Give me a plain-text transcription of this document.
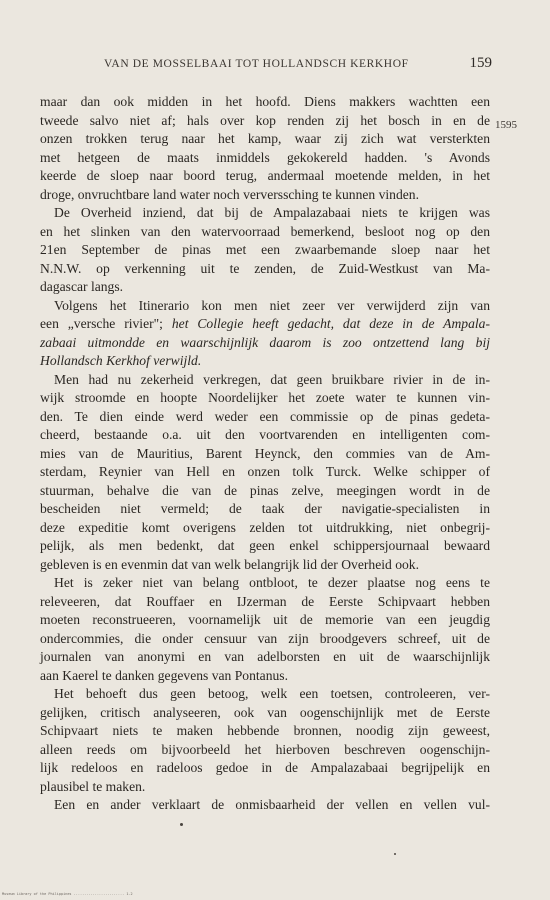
VAN DE MOSSELBAAI TOT HOLLANDSCH KERKHOF	159
1595
maar dan ook midden in het hoofd. Diens makkers wachtten een
tweede salvo niet af; hals over kop renden zij het bosch in en de
onzen trokken terug naar het kamp, waar zij zich wat versterkten
met hetgeen de maats inmiddels gekokereld hadden. 's Avonds
keerde de sloep naar boord terug, andermaal moetende melden, in het
droge, onvruchtbare land water noch ververssching te kunnen vinden.
De Overheid inziend, dat bij de Ampalazabaai niets te krijgen was
en het slinken van den watervoorraad bemerkend, besloot nog op den
21en September de pinas met een zwaarbemande sloep naar het
N.N.W. op verkenning uit te zenden, de Zuid-Westkust van Ma-
dagascar langs.
Volgens het Itinerario kon men niet zeer ver verwijderd zijn van
een „versche rivier"; het Collegie heeft gedacht, dat deze in de Ampala-
zabaai uitmondde en waarschijnlijk daarom is zoo ontzettend lang bij
Hollandsch Kerkhof verwijld.
Men had nu zekerheid verkregen, dat geen bruikbare rivier in de in-
wijk stroomde en hoopte Noordelijker het zoete water te kunnen vin-
den. Te dien einde werd weder een commissie op de pinas gedeta-
cheerd, bestaande o.a. uit den voortvarenden en intelligenten com-
mies van de Mauritius, Barent Heynck, den commies van de Am-
sterdam, Reynier van Hell en onzen tolk Turck. Welke schipper of
stuurman, behalve die van de pinas zelve, meegingen wordt in de
bescheiden niet vermeld; de taak der navigatie-specialisten in
deze expeditie komt overigens zelden tot uitdrukking, niet onbegrij-
pelijk, als men bedenkt, dat geen enkel schippersjournaal bewaard
gebleven is en evenmin dat van welk belangrijk lid der Overheid ook.
Het is zeker niet van belang ontbloot, te dezer plaatse nog eens te
releveeren, dat Rouffaer en IJzerman de Eerste Schipvaart hebben
moeten reconstrueeren, voornamelijk uit de memorie van een jeugdig
ondercommies, die onder censuur van zijn broodgevers schreef, uit de
journalen van anonymi en van adelborsten en uit de waarschijnlijk
aan Kaerel te danken gegevens van Pontanus.
Het behoeft dus geen betoog, welk een toetsen, controleeren, ver-
gelijken, critisch analyseeren, ook van oogenschijnlijk met de Eerste
Schipvaart niets te maken hebbende bronnen, noodig zijn geweest,
alleen reeds om bijvoorbeeld het hierboven beschreven oogenschijn-
lijk redeloos en radeloos gedoe in de Ampalazabaai begrijpelijk en
plausibel te maken.
Een en ander verklaart de onmisbaarheid der vellen en vellen vul-
Museum Library of the Philippines ........................ 1.2
